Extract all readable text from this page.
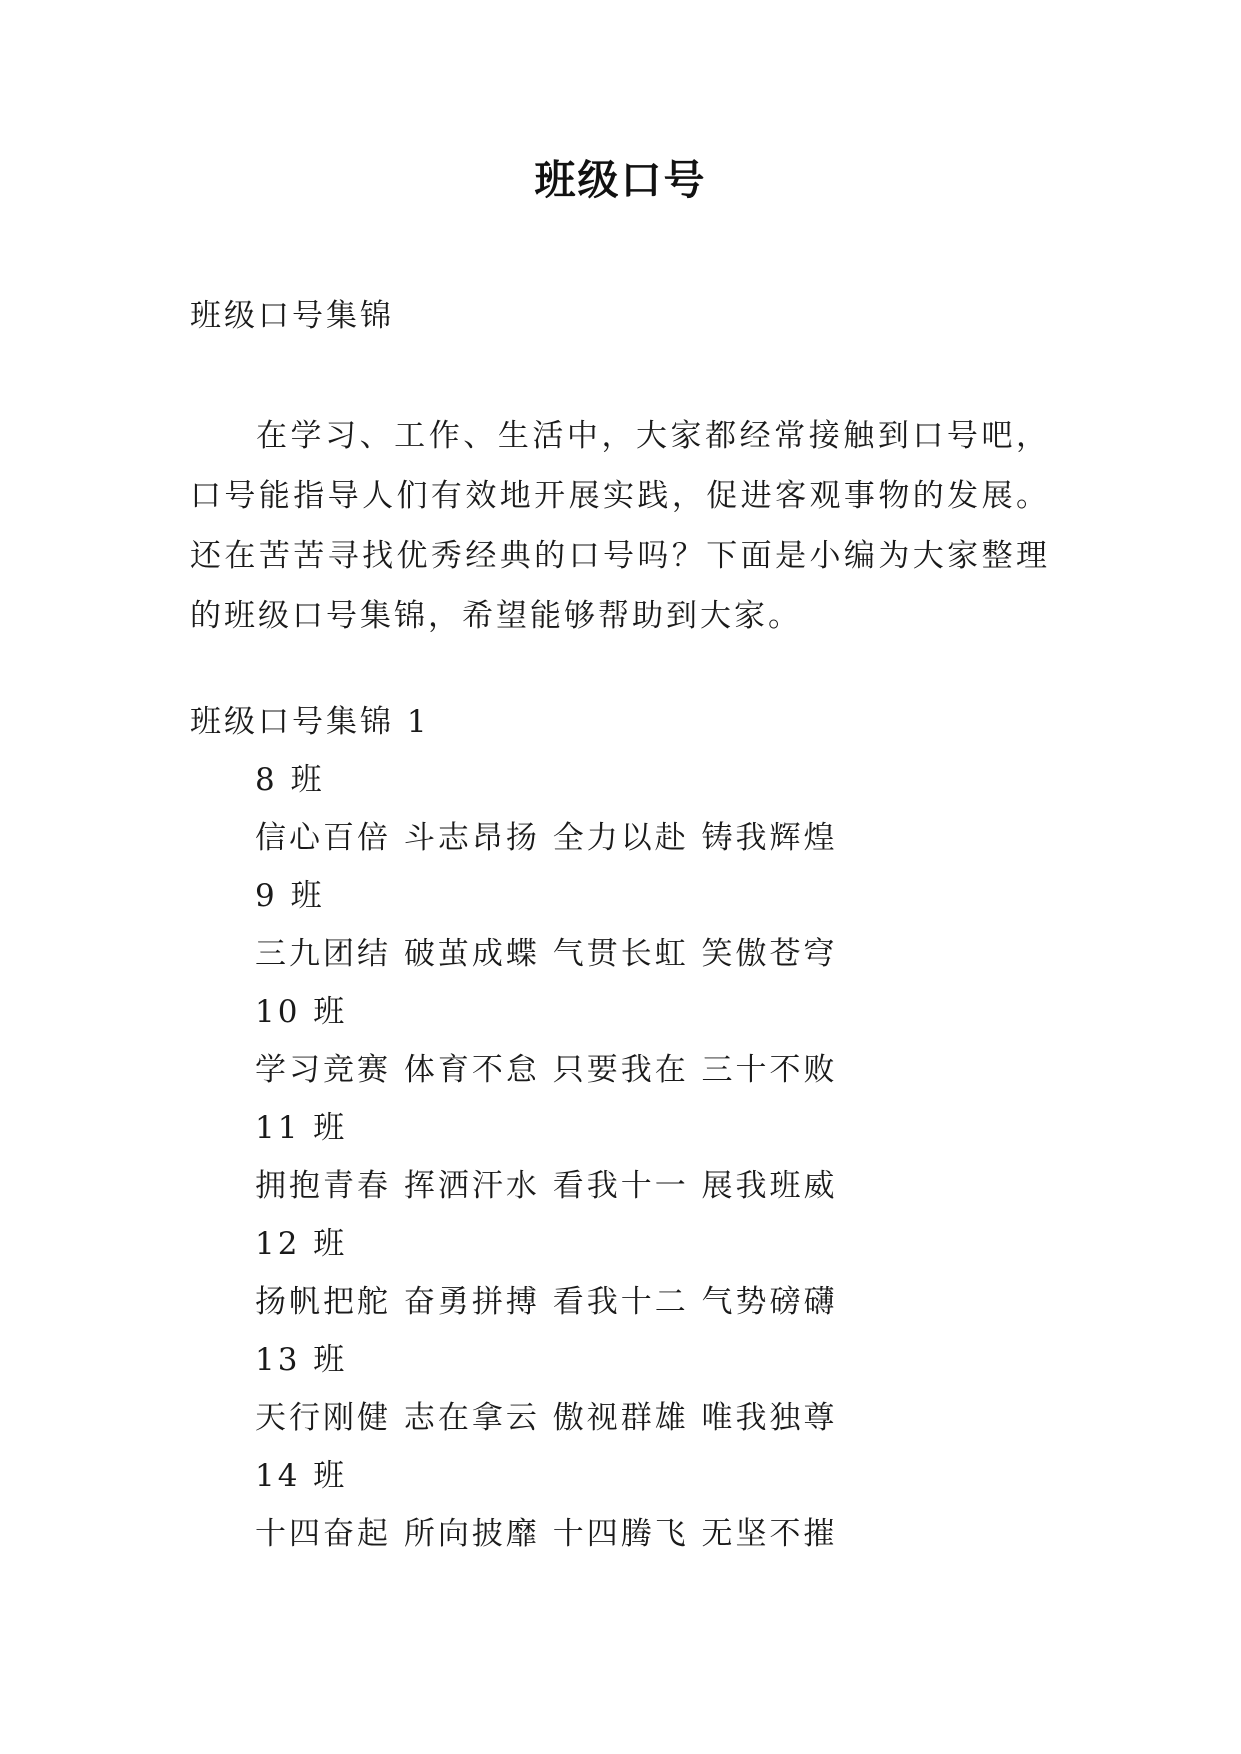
班级口号
班级口号集锦
在学习、工作、生活中，大家都经常接触到口号吧，口号能指导人们有效地开展实践，促进客观事物的发展。还在苦苦寻找优秀经典的口号吗？下面是小编为大家整理的班级口号集锦，希望能够帮助到大家。
班级口号集锦 1
8 班
信心百倍 斗志昂扬 全力以赴 铸我辉煌
9 班
三九团结 破茧成蝶 气贯长虹 笑傲苍穹
10 班
学习竞赛 体育不怠 只要我在 三十不败
11 班
拥抱青春 挥洒汗水 看我十一 展我班威
12 班
扬帆把舵 奋勇拼搏 看我十二 气势磅礴
13 班
天行刚健 志在拿云 傲视群雄 唯我独尊
14 班
十四奋起 所向披靡 十四腾飞 无坚不摧
